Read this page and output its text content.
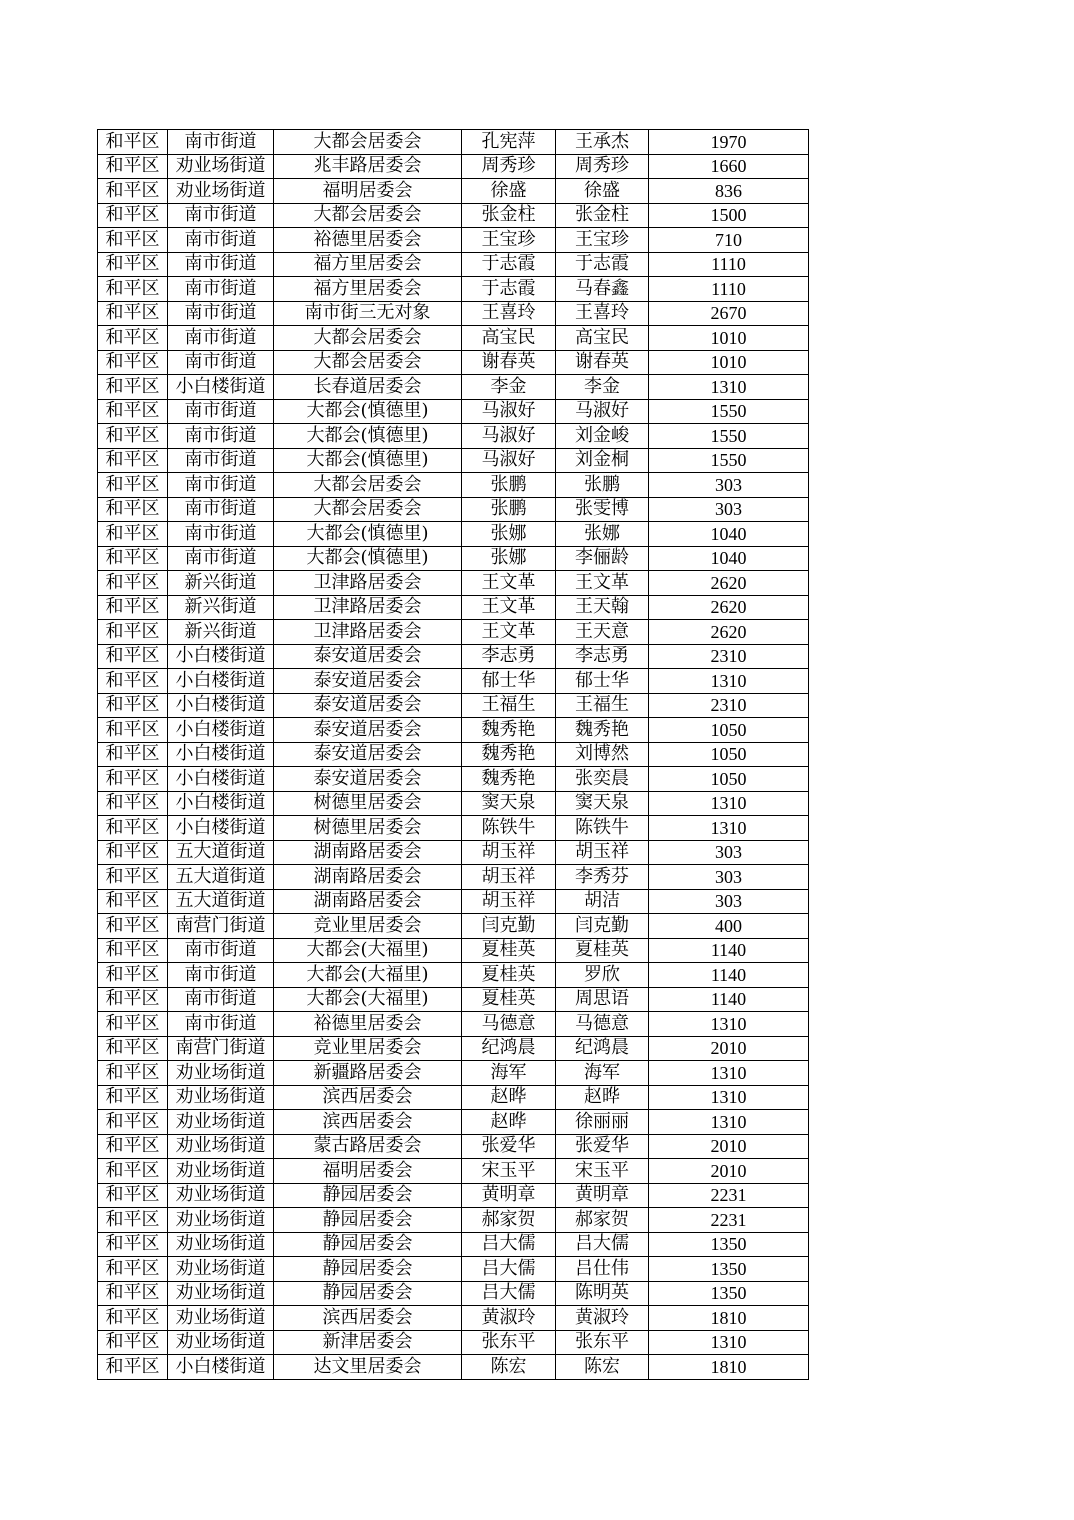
和平区	南市街道	大都会居委会	孔宪萍	王承杰	1970
和平区	劝业场街道	兆丰路居委会	周秀珍	周秀珍	1660
和平区	劝业场街道	福明居委会	徐盛	徐盛	836
和平区	南市街道	大都会居委会	张金柱	张金柱	1500
和平区	南市街道	裕德里居委会	王宝珍	王宝珍	710
和平区	南市街道	福方里居委会	于志霞	于志霞	1110
和平区	南市街道	福方里居委会	于志霞	马春鑫	1110
和平区	南市街道	南市街三无对象	王喜玲	王喜玲	2670
和平区	南市街道	大都会居委会	高宝民	高宝民	1010
和平区	南市街道	大都会居委会	谢春英	谢春英	1010
和平区	小白楼街道	长春道居委会	李金	李金	1310
和平区	南市街道	大都会(慎德里)	马淑好	马淑好	1550
和平区	南市街道	大都会(慎德里)	马淑好	刘金峻	1550
和平区	南市街道	大都会(慎德里)	马淑好	刘金桐	1550
和平区	南市街道	大都会居委会	张鹏	张鹏	303
和平区	南市街道	大都会居委会	张鹏	张雯博	303
和平区	南市街道	大都会(慎德里)	张娜	张娜	1040
和平区	南市街道	大都会(慎德里)	张娜	李俪龄	1040
和平区	新兴街道	卫津路居委会	王文革	王文革	2620
和平区	新兴街道	卫津路居委会	王文革	王天翰	2620
和平区	新兴街道	卫津路居委会	王文革	王天意	2620
和平区	小白楼街道	泰安道居委会	李志勇	李志勇	2310
和平区	小白楼街道	泰安道居委会	郁士华	郁士华	1310
和平区	小白楼街道	泰安道居委会	王福生	王福生	2310
和平区	小白楼街道	泰安道居委会	魏秀艳	魏秀艳	1050
和平区	小白楼街道	泰安道居委会	魏秀艳	刘博然	1050
和平区	小白楼街道	泰安道居委会	魏秀艳	张奕晨	1050
和平区	小白楼街道	树德里居委会	窦天泉	窦天泉	1310
和平区	小白楼街道	树德里居委会	陈铁牛	陈铁牛	1310
和平区	五大道街道	湖南路居委会	胡玉祥	胡玉祥	303
和平区	五大道街道	湖南路居委会	胡玉祥	李秀芬	303
和平区	五大道街道	湖南路居委会	胡玉祥	胡洁	303
和平区	南营门街道	竞业里居委会	闫克勤	闫克勤	400
和平区	南市街道	大都会(大福里)	夏桂英	夏桂英	1140
和平区	南市街道	大都会(大福里)	夏桂英	罗欣	1140
和平区	南市街道	大都会(大福里)	夏桂英	周思语	1140
和平区	南市街道	裕德里居委会	马德意	马德意	1310
和平区	南营门街道	竞业里居委会	纪鸿晨	纪鸿晨	2010
和平区	劝业场街道	新疆路居委会	海军	海军	1310
和平区	劝业场街道	滨西居委会	赵晔	赵晔	1310
和平区	劝业场街道	滨西居委会	赵晔	徐丽丽	1310
和平区	劝业场街道	蒙古路居委会	张爱华	张爱华	2010
和平区	劝业场街道	福明居委会	宋玉平	宋玉平	2010
和平区	劝业场街道	静园居委会	黄明章	黄明章	2231
和平区	劝业场街道	静园居委会	郝家贺	郝家贺	2231
和平区	劝业场街道	静园居委会	吕大儒	吕大儒	1350
和平区	劝业场街道	静园居委会	吕大儒	吕仕伟	1350
和平区	劝业场街道	静园居委会	吕大儒	陈明英	1350
和平区	劝业场街道	滨西居委会	黄淑玲	黄淑玲	1810
和平区	劝业场街道	新津居委会	张东平	张东平	1310
和平区	小白楼街道	达文里居委会	陈宏	陈宏	1810
